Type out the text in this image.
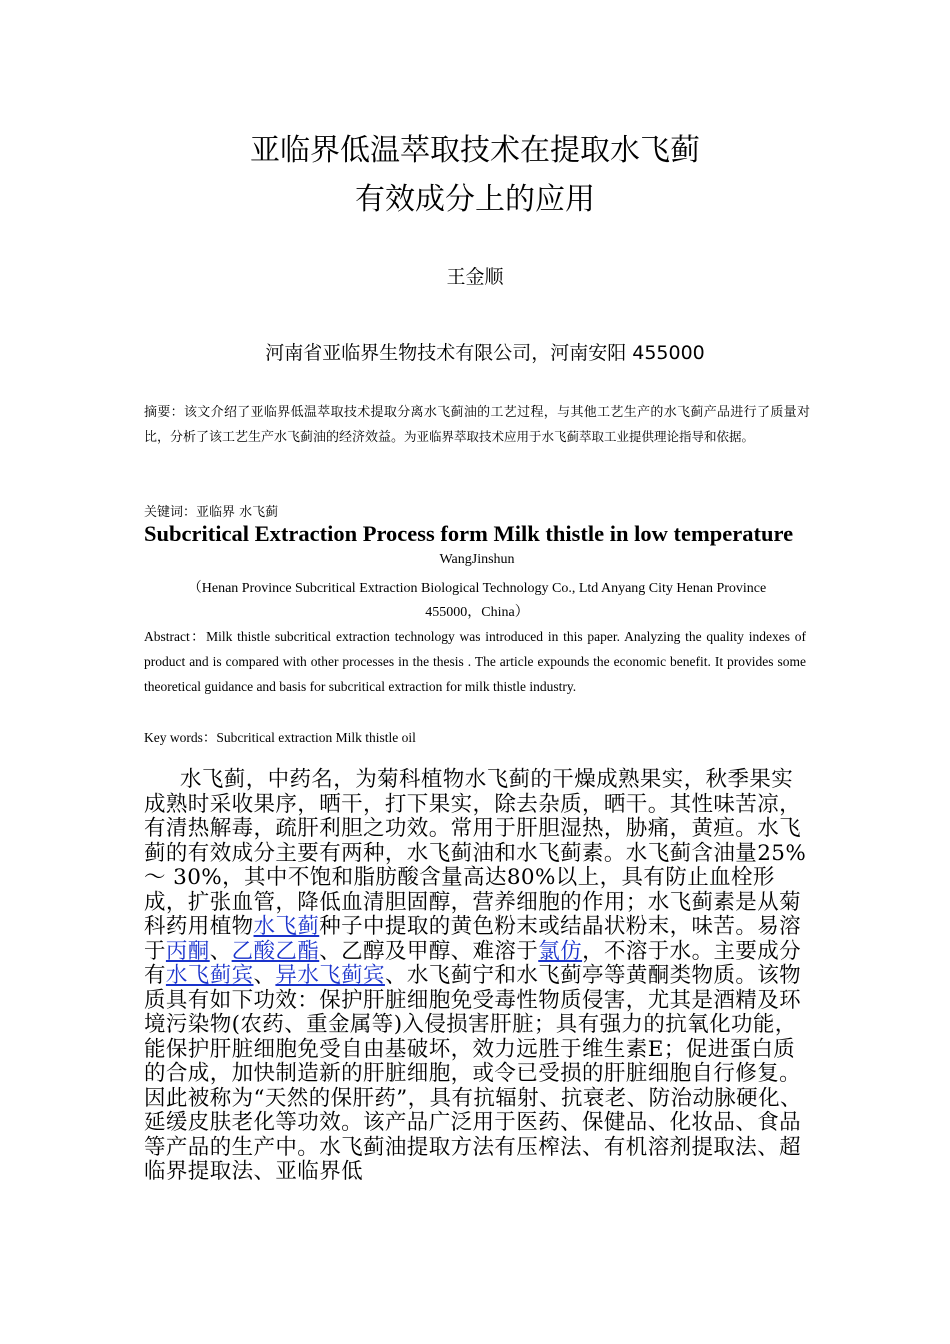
亚临界低温萃取技术在提取水飞蓟
有效成分上的应用
王金顺
河南省亚临界生物技术有限公司，河南安阳 455000
摘要：该文介绍了亚临界低温萃取技术提取分离水飞蓟油的工艺过程，与其他工艺生产的水飞蓟产品进行了质量对比，分析了该工艺生产水飞蓟油的经济效益。为亚临界萃取技术应用于水飞蓟萃取工业提供理论指导和依据。
关键词：亚临界 水飞蓟
Subcritical Extraction Process form Milk thistle in low temperature
WangJinshun
（Henan Province Subcritical Extraction Biological Technology Co., Ltd Anyang City Henan Province
455000，China）
Abstract：Milk thistle subcritical extraction technology was introduced in this paper. Analyzing the quality indexes of product and is compared with other processes in the thesis . The article expounds the economic benefit. It provides some theoretical guidance and basis for subcritical extraction for milk thistle industry.
Key words：Subcritical extraction Milk thistle oil

水飞蓟，中药名，为菊科植物水飞蓟的干燥成熟果实，秋季果实成熟时采收果序，晒干，打下果实，除去杂质，晒干。其性味苦凉，有清热解毒，疏肝利胆之功效。常用于肝胆湿热，胁痛，黄疸。水飞蓟的有效成分主要有两种，水飞蓟油和水飞蓟素。水飞蓟含油量25% ～ 30%，其中不饱和脂肪酸含量高达80%以上，具有防止血栓形成，扩张血管，降低血清胆固醇，营养细胞的作用；水飞蓟素是从菊科药用植物水飞蓟种子中提取的黄色粉末或结晶状粉末，味苦。易溶于丙酮、乙酸乙酯、乙醇及甲醇、难溶于氯仿，不溶于水。主要成分有水飞蓟宾、异水飞蓟宾、水飞蓟宁和水飞蓟亭等黄酮类物质。该物质具有如下功效：保护肝脏细胞免受毒性物质侵害，尤其是酒精及环境污染物(农药、重金属等)入侵损害肝脏；具有强力的抗氧化功能，能保护肝脏细胞免受自由基破坏，效力远胜于维生素E；促进蛋白质的合成，加快制造新的肝脏细胞，或令已受损的肝脏细胞自行修复。因此被称为“天然的保肝药”，具有抗辐射、抗衰老、防治动脉硬化、延缓皮肤老化等功效。该产品广泛用于医药、保健品、化妆品、食品等产品的生产中。水飞蓟油提取方法有压榨法、有机溶剂提取法、超临界提取法、亚临界低
